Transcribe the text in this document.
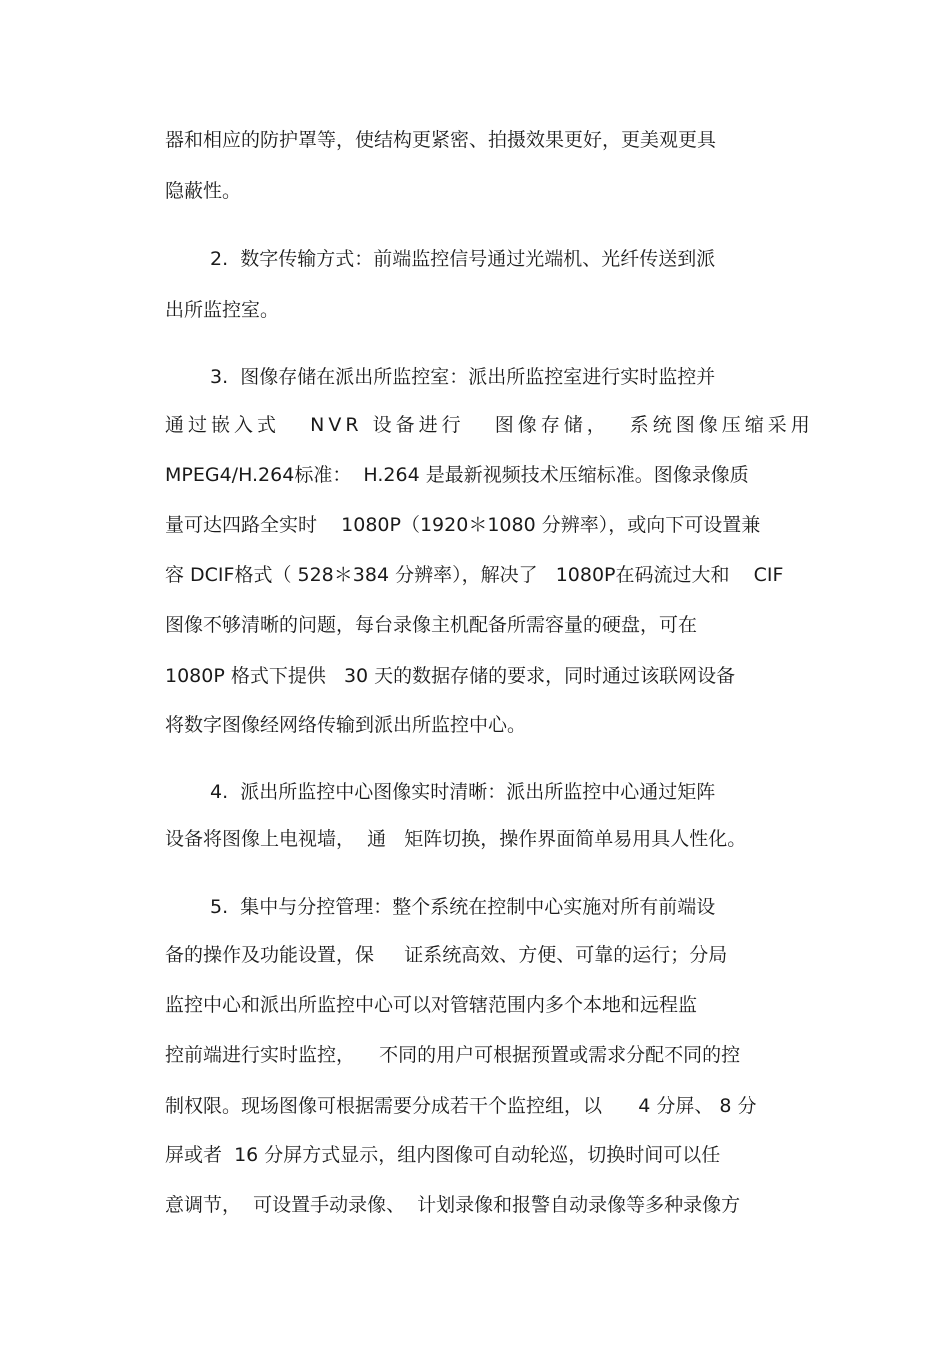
器和相应的防护罩等，使结构更紧密、拍摄效果更好，更美观更具
隐蔽性。
2.  数字传输方式：前端监控信号通过光端机、光纤传送到派
出所监控室。
3.  图像存储在派出所监控室：派出所监控室进行实时监控并
通过嵌入式   NVR 设备进行   图像存储，  系统图像压缩采用
MPEG4/H.264标准：  H.264 是最新视频技术压缩标准。图像录像质
量可达四路全实时    1080P（1920＊1080 分辨率），或向下可设置兼
容 DCIF格式（ 528＊384 分辨率），解决了   1080P在码流过大和    CIF
图像不够清晰的问题，每台录像主机配备所需容量的硬盘，可在
1080P 格式下提供   30 天的数据存储的要求，同时通过该联网设备
将数字图像经网络传输到派出所监控中心。
4.  派出所监控中心图像实时清晰：派出所监控中心通过矩阵
设备将图像上电视墙，  通   矩阵切换，操作界面简单易用具人性化。
5.  集中与分控管理：整个系统在控制中心实施对所有前端设
备的操作及功能设置，保     证系统高效、方便、可靠的运行；分局
监控中心和派出所监控中心可以对管辖范围内多个本地和远程监
控前端进行实时监控，    不同的用户可根据预置或需求分配不同的控
制权限。现场图像可根据需要分成若干个监控组，以      4 分屏、 8 分
屏或者  16 分屏方式显示，组内图像可自动轮巡，切换时间可以任
意调节，  可设置手动录像、  计划录像和报警自动录像等多种录像方
